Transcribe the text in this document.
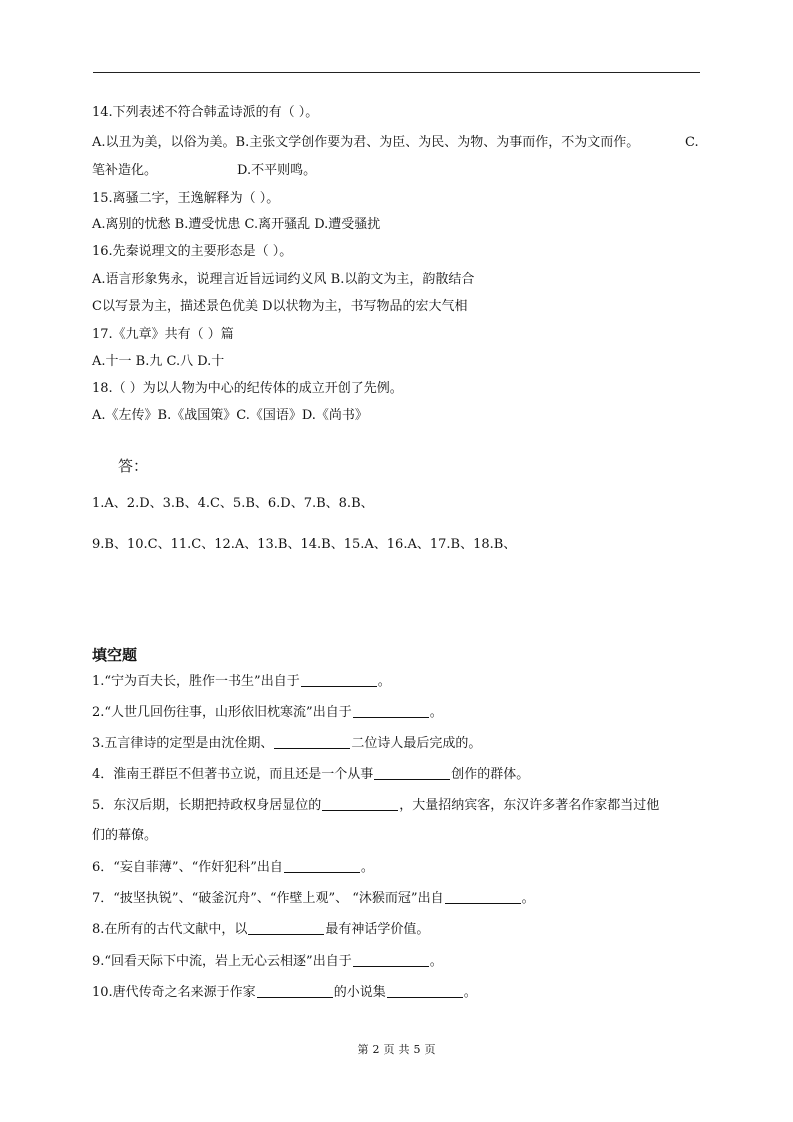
14.下列表述不符合韩孟诗派的有（ ）。
A.以丑为美，以俗为美。B.主张文学创作要为君、为臣、为民、为物、为事而作，不为文而作。	C.
笔补造化。	D.不平则鸣。
15.离骚二字，王逸解释为（ ）。
A.离别的忧愁 B.遭受忧患 C.离开骚乱 D.遭受骚扰
16.先秦说理文的主要形态是（ ）。
A.语言形象隽永，说理言近旨远词约义风 B.以韵文为主，韵散结合
C以写景为主，描述景色优美 D以状物为主，书写物品的宏大气相
17.《九章》共有（ ）篇
A.十一 B.九 C.八 D.十
18.（ ）为以人物为中心的纪传体的成立开创了先例。
A.《左传》B.《战国策》C.《国语》D.《尚书》
答：
1.A、2.D、3.B、4.C、5.B、6.D、7.B、8.B、
9.B、10.C、11.C、12.A、13.B、14.B、15.A、16.A、17.B、18.B、
填空题
1.“宁为百夫长，胜作一书生”出自于	。
2.“人世几回伤往事，山形依旧枕寒流”出自于	。
3.五言律诗的定型是由沈佺期、	二位诗人最后完成的。
4．淮南王群臣不但著书立说，而且还是一个从事	创作的群体。
5．东汉后期，长期把持政权身居显位的	，大量招纳宾客，东汉许多著名作家都当过他
们的幕僚。
6．“妄自菲薄”、“作奸犯科”出自	。
7．“披坚执锐”、“破釜沉舟”、“作壁上观”、 “沐猴而冠”出自	。
8.在所有的古代文献中，以	最有神话学价值。
9.“回看天际下中流，岩上无心云相逐”出自于	。
10.唐代传奇之名来源于作家	的小说集	。
第 2 页 共 5 页
